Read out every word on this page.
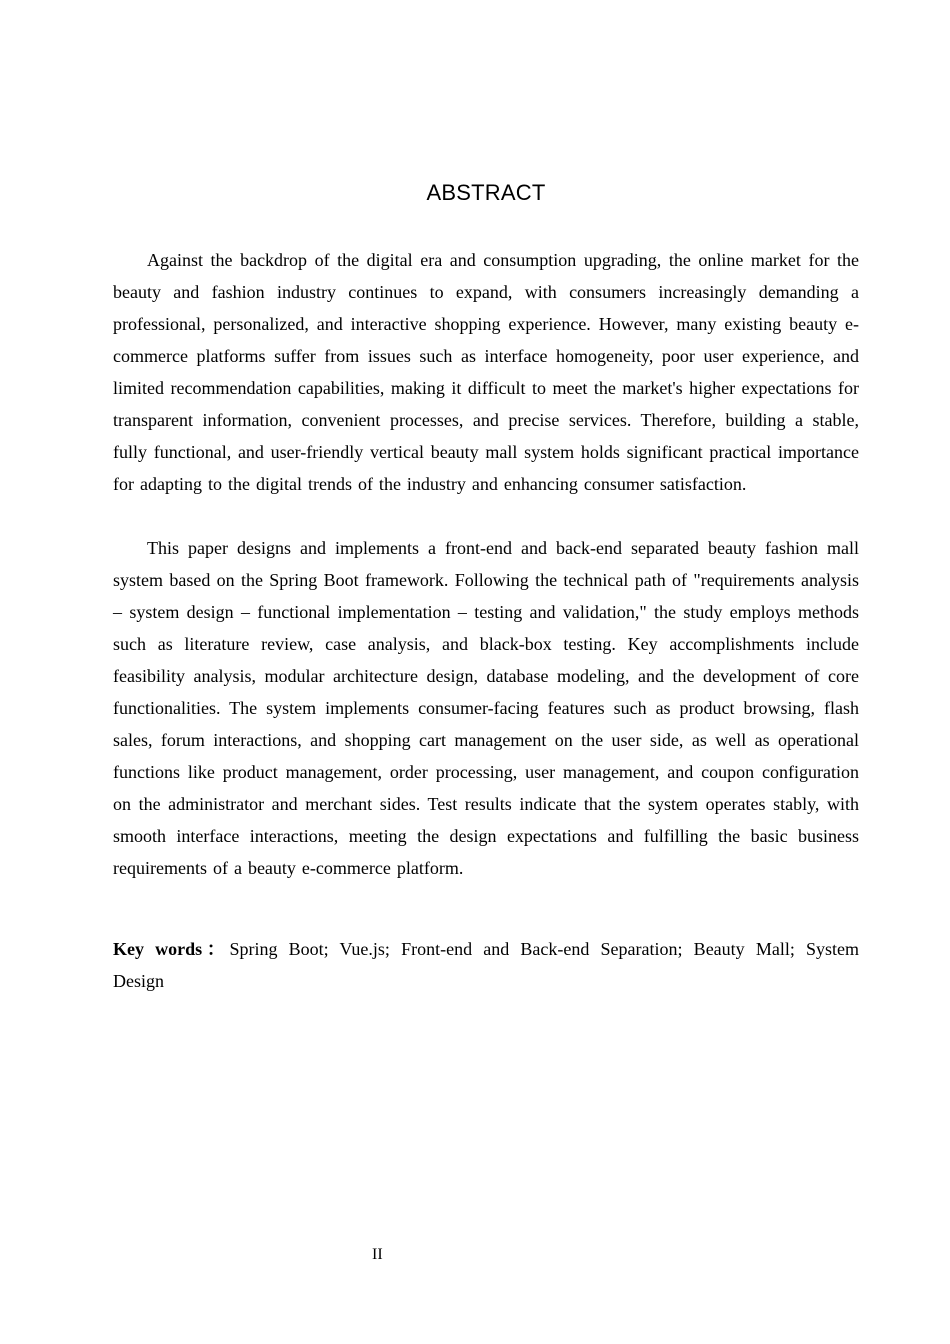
ABSTRACT

Against the backdrop of the digital era and consumption upgrading, the online market for the beauty and fashion industry continues to expand, with consumers increasingly demanding a professional, personalized, and interactive shopping experience. However, many existing beauty e-commerce platforms suffer from issues such as interface homogeneity, poor user experience, and limited recommendation capabilities, making it difficult to meet the market's higher expectations for transparent information, convenient processes, and precise services. Therefore, building a stable, fully functional, and user-friendly vertical beauty mall system holds significant practical importance for adapting to the digital trends of the industry and enhancing consumer satisfaction.

This paper designs and implements a front-end and back-end separated beauty fashion mall system based on the Spring Boot framework. Following the technical path of "requirements analysis – system design – functional implementation – testing and validation," the study employs methods such as literature review, case analysis, and black-box testing. Key accomplishments include feasibility analysis, modular architecture design, database modeling, and the development of core functionalities. The system implements consumer-facing features such as product browsing, flash sales, forum interactions, and shopping cart management on the user side, as well as operational functions like product management, order processing, user management, and coupon configuration on the administrator and merchant sides. Test results indicate that the system operates stably, with smooth interface interactions, meeting the design expectations and fulfilling the basic business requirements of a beauty e-commerce platform.

Key words：Spring Boot; Vue.js; Front-end and Back-end Separation; Beauty Mall; System Design
II
